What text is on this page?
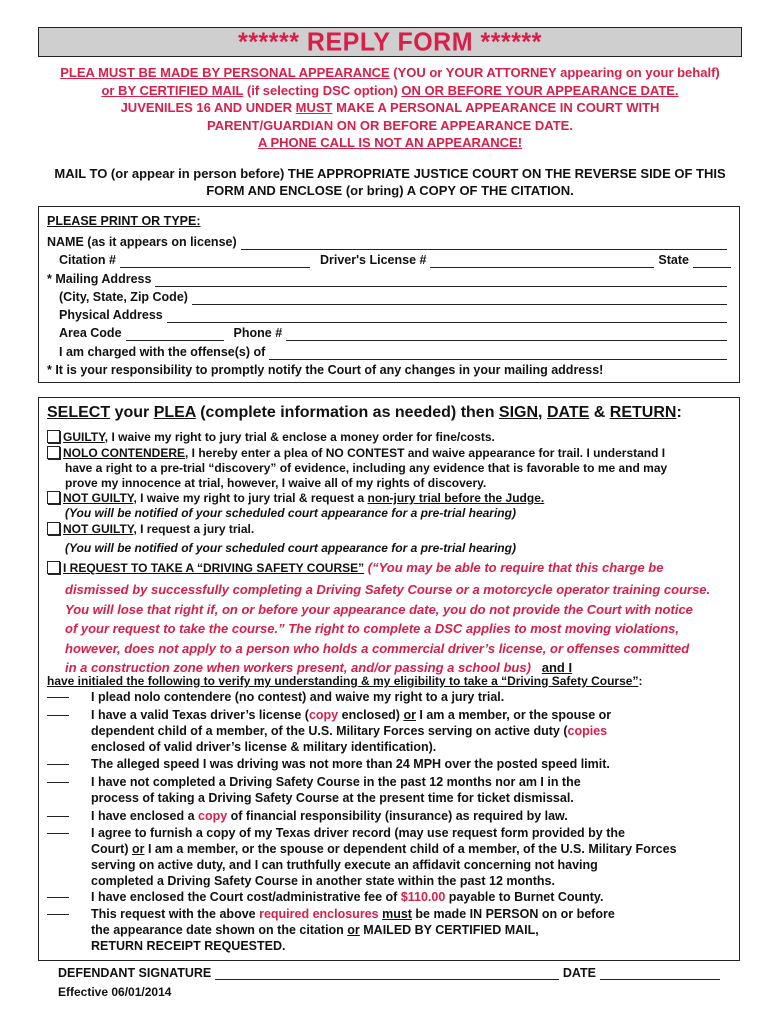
****** REPLY FORM ******
PLEA MUST BE MADE BY PERSONAL APPEARANCE (YOU or YOUR ATTORNEY appearing on your behalf)
or BY CERTIFIED MAIL (if selecting DSC option) ON OR BEFORE YOUR APPEARANCE DATE.
JUVENILES 16 AND UNDER MUST MAKE A PERSONAL APPEARANCE IN COURT WITH
PARENT/GUARDIAN ON OR BEFORE APPEARANCE DATE.
A PHONE CALL IS NOT AN APPEARANCE!
MAIL TO (or appear in person before) THE APPROPRIATE JUSTICE COURT ON THE REVERSE SIDE OF THIS
FORM AND ENCLOSE (or bring) A COPY OF THE CITATION.
PLEASE PRINT OR TYPE:
NAME (as it appears on license)
Citation #	Driver's License #	State
* Mailing Address
(City, State, Zip Code)
Physical Address
Area Code	Phone #
I am charged with the offense(s) of
* It is your responsibility to promptly notify the Court of any changes in your mailing address!
SELECT your PLEA (complete information as needed) then SIGN, DATE & RETURN:
GUILTY, I waive my right to jury trial & enclose a money order for fine/costs.
NOLO CONTENDERE, I hereby enter a plea of NO CONTEST and waive appearance for trail. I understand I
have a right to a pre-trial “discovery” of evidence, including any evidence that is favorable to me and may
prove my innocence at trial, however, I waive all of my rights of discovery.
NOT GUILTY, I waive my right to jury trial & request a non-jury trial before the Judge.
(You will be notified of your scheduled court appearance for a pre-trial hearing)
NOT GUILTY, I request a jury trial.
(You will be notified of your scheduled court appearance for a pre-trial hearing)
I REQUEST TO TAKE A “DRIVING SAFETY COURSE” (“You may be able to require that this charge be
dismissed by successfully completing a Driving Safety Course or a motorcycle operator training course.
You will lose that right if, on or before your appearance date, you do not provide the Court with notice
of your request to take the course.” The right to complete a DSC applies to most moving violations,
however, does not apply to a person who holds a commercial driver’s license, or offenses committed
in a construction zone when workers present, and/or passing a school bus) and I
have initialed the following to verify my understanding & my eligibility to take a “Driving Safety Course”:
I plead nolo contendere (no contest) and waive my right to a jury trial.
I have a valid Texas driver’s license (copy enclosed) or I am a member, or the spouse or
dependent child of a member, of the U.S. Military Forces serving on active duty (copies
enclosed of valid driver’s license & military identification).
The alleged speed I was driving was not more than 24 MPH over the posted speed limit.
I have not completed a Driving Safety Course in the past 12 months nor am I in the
process of taking a Driving Safety Course at the present time for ticket dismissal.
I have enclosed a copy of financial responsibility (insurance) as required by law.
I agree to furnish a copy of my Texas driver record (may use request form provided by the
Court) or I am a member, or the spouse or dependent child of a member, of the U.S. Military Forces
serving on active duty, and I can truthfully execute an affidavit concerning not having
completed a Driving Safety Course in another state within the past 12 months.
I have enclosed the Court cost/administrative fee of $110.00 payable to Burnet County.
This request with the above required enclosures must be made IN PERSON on or before
the appearance date shown on the citation or MAILED BY CERTIFIED MAIL,
RETURN RECEIPT REQUESTED.
DEFENDANT SIGNATURE	DATE
Effective 06/01/2014
